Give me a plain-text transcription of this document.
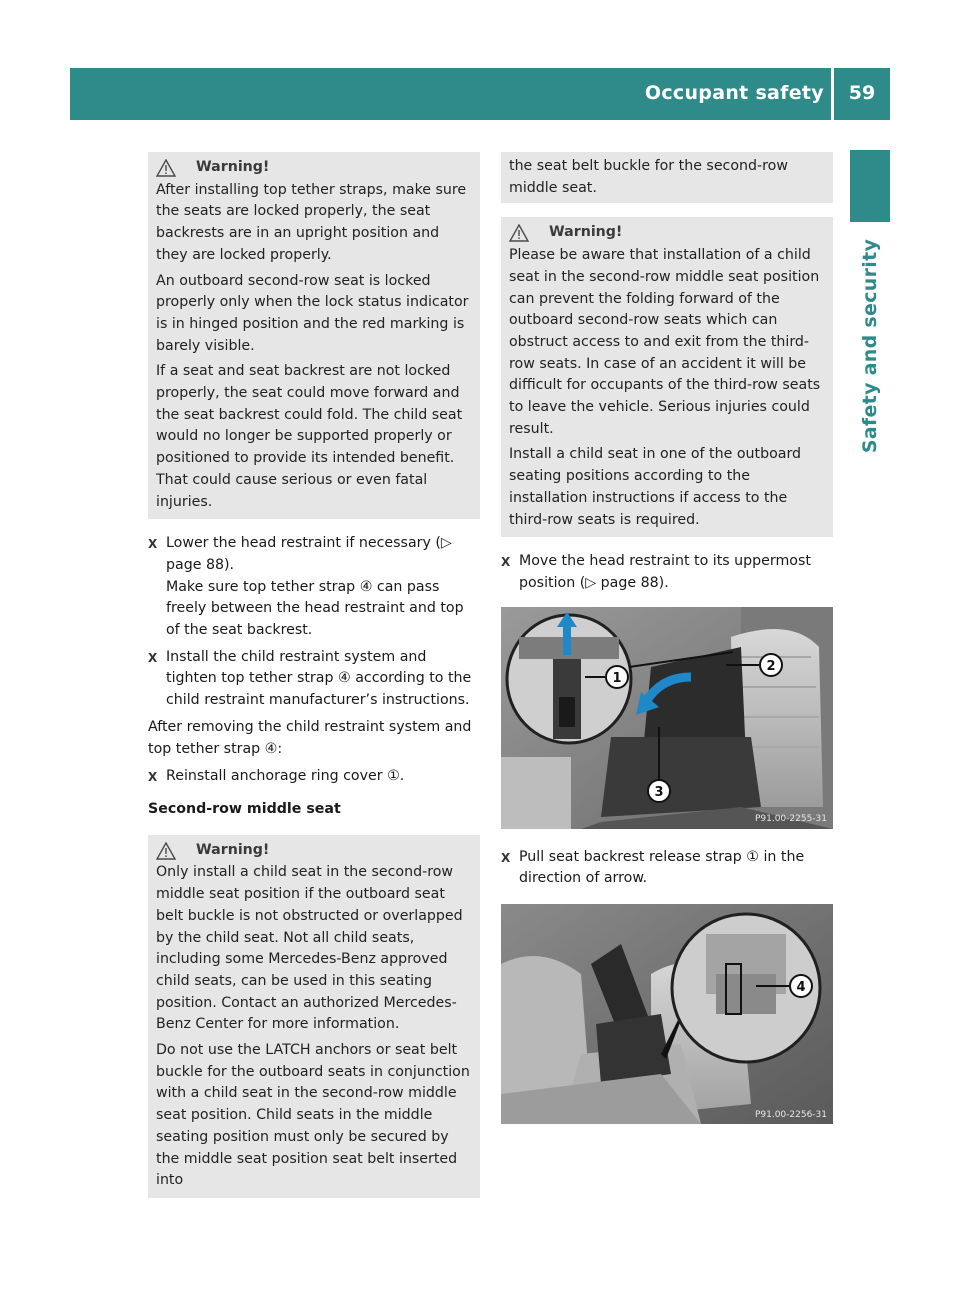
Occupant safety	59
Safety and security
Warning!

After installing top tether straps, make sure the seats are locked properly, the seat backrests are in an upright position and they are locked properly.

An outboard second-row seat is locked properly only when the lock status indicator is in hinged position and the red marking is barely visible.

If a seat and seat backrest are not locked properly, the seat could move forward and the seat backrest could fold. The child seat would no longer be supported properly or positioned to provide its intended benefit. That could cause serious or even fatal injuries.

X Lower the head restraint if necessary (▷ page 88).
Make sure top tether strap ④ can pass freely between the head restraint and top of the seat backrest.
X Install the child restraint system and tighten top tether strap ④ according to the child restraint manufacturer’s instructions.
After removing the child restraint system and top tether strap ④:
X Reinstall anchorage ring cover ①.
Second-row middle seat
Warning!

Only install a child seat in the second-row middle seat position if the outboard seat belt buckle is not obstructed or overlapped by the child seat. Not all child seats, including some Mercedes-Benz approved child seats, can be used in this seating position. Contact an authorized Mercedes-Benz Center for more information.

Do not use the LATCH anchors or seat belt buckle for the outboard seats in conjunction with a child seat in the second-row middle seat position. Child seats in the middle seating position must only be secured by the middle seat position seat belt inserted into

the seat belt buckle for the second-row middle seat.

Warning!

Please be aware that installation of a child seat in the second-row middle seat position can prevent the folding forward of the outboard second-row seats which can obstruct access to and exit from the third-row seats. In case of an accident it will be difficult for occupants of the third-row seats to leave the vehicle. Serious injuries could result.

Install a child seat in one of the outboard seating positions according to the installation instructions if access to the third-row seats is required.

X Move the head restraint to its uppermost position (▷ page 88).
1
2
3
P91.00-2255-31
X Pull seat backrest release strap ① in the direction of arrow.
4
P91.00-2256-31
